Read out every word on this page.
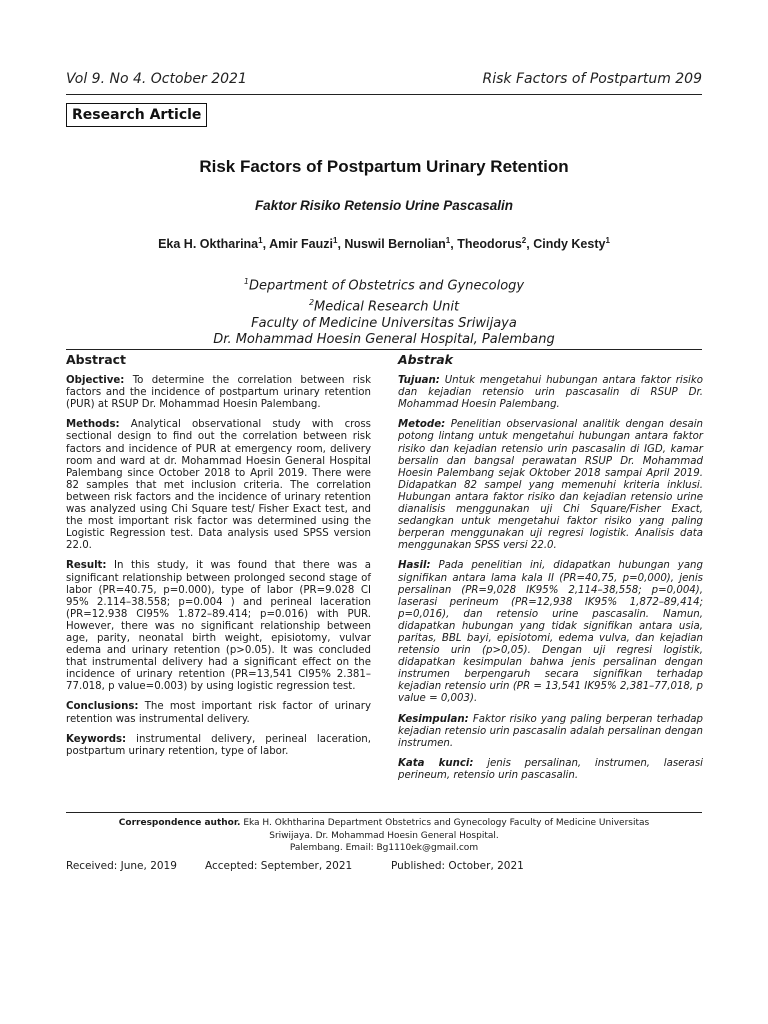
Vol 9. No 4. October 2021	Risk Factors of Postpartum 209
Research Article
Risk Factors of Postpartum Urinary Retention
Faktor Risiko Retensio Urine Pascasalin
Eka H. Oktharina$^1$, Amir Fauzi$^1$, Nuswil Bernolian$^1$, Theodorus$^2$, Cindy Kesty$^1$
$^1$Department of Obstetrics and Gynecology
$^2$Medical Research Unit
Faculty of Medicine Universitas Sriwijaya
Dr. Mohammad Hoesin General Hospital, Palembang
Abstract

Objective: To determine the correlation between risk factors and the incidence of postpartum urinary retention (PUR) at RSUP Dr. Mohammad Hoesin Palembang.

Methods: Analytical observational study with cross sectional design to find out the correlation between risk factors and incidence of PUR at emergency room, delivery room and ward at dr. Mohammad Hoesin General Hospital Palembang since October 2018 to April 2019. There were 82 samples that met inclusion criteria. The correlation between risk factors and the incidence of urinary retention was analyzed using Chi Square test/ Fisher Exact test, and the most important risk factor was determined using the Logistic Regression test. Data analysis used SPSS version 22.0.

Result: In this study, it was found that there was a significant relationship between prolonged second stage of labor (PR=40.75, p=0.000), type of labor (PR=9.028 CI 95% 2.114–38.558; p=0.004 ) and perineal laceration (PR=12.938 CI95% 1.872–89.414; p=0.016) with PUR. However, there was no significant relationship between age, parity, neonatal birth weight, episiotomy, vulvar edema and urinary retention (p>0.05). It was concluded that instrumental delivery had a significant effect on the incidence of urinary retention (PR=13,541 CI95% 2.381–77.018, p value=0.003) by using logistic regression test.

Conclusions: The most important risk factor of urinary retention was instrumental delivery.

Keywords: instrumental delivery, perineal laceration, postpartum urinary retention, type of labor.

Abstrak

Tujuan: Untuk mengetahui hubungan antara faktor risiko dan kejadian retensio urin pascasalin di RSUP Dr. Mohammad Hoesin Palembang.

Metode: Penelitian observasional analitik dengan desain potong lintang untuk mengetahui hubungan antara faktor risiko dan kejadian retensio urin pascasalin di IGD, kamar bersalin dan bangsal perawatan RSUP Dr. Mohammad Hoesin Palembang sejak Oktober 2018 sampai April 2019. Didapatkan 82 sampel yang memenuhi kriteria inklusi. Hubungan antara faktor risiko dan kejadian retensio urine dianalisis menggunakan uji Chi Square/Fisher Exact, sedangkan untuk mengetahui faktor risiko yang paling berperan menggunakan uji regresi logistik. Analisis data menggunakan SPSS versi 22.0.

Hasil: Pada penelitian ini, didapatkan hubungan yang signifikan antara lama kala II (PR=40,75, p=0,000), jenis persalinan (PR=9,028 IK95% 2,114–38,558; p=0,004), laserasi perineum (PR=12,938 IK95% 1,872–89,414; p=0,016), dan retensio urine pascasalin. Namun, didapatkan hubungan yang tidak signifikan antara usia, paritas, BBL bayi, episiotomi, edema vulva, dan kejadian retensio urin (p>0,05). Dengan uji regresi logistik, didapatkan kesimpulan bahwa jenis persalinan dengan instrumen berpengaruh secara signifikan terhadap kejadian retensio urin (PR = 13,541 IK95% 2,381–77,018, p value = 0,003).

Kesimpulan: Faktor risiko yang paling berperan terhadap kejadian retensio urin pascasalin adalah persalinan dengan instrumen.

Kata kunci: jenis persalinan, instrumen, laserasi perineum, retensio urin pascasalin.

Correspondence author. Eka H. Okhtharina Department Obstetrics and Gynecology Faculty of Medicine Universitas Sriwijaya. Dr. Mohammad Hoesin General Hospital.
Palembang. Email: Bg1110ek@gmail.com
Received: June, 2019	Accepted: September, 2021	Published: October, 2021
